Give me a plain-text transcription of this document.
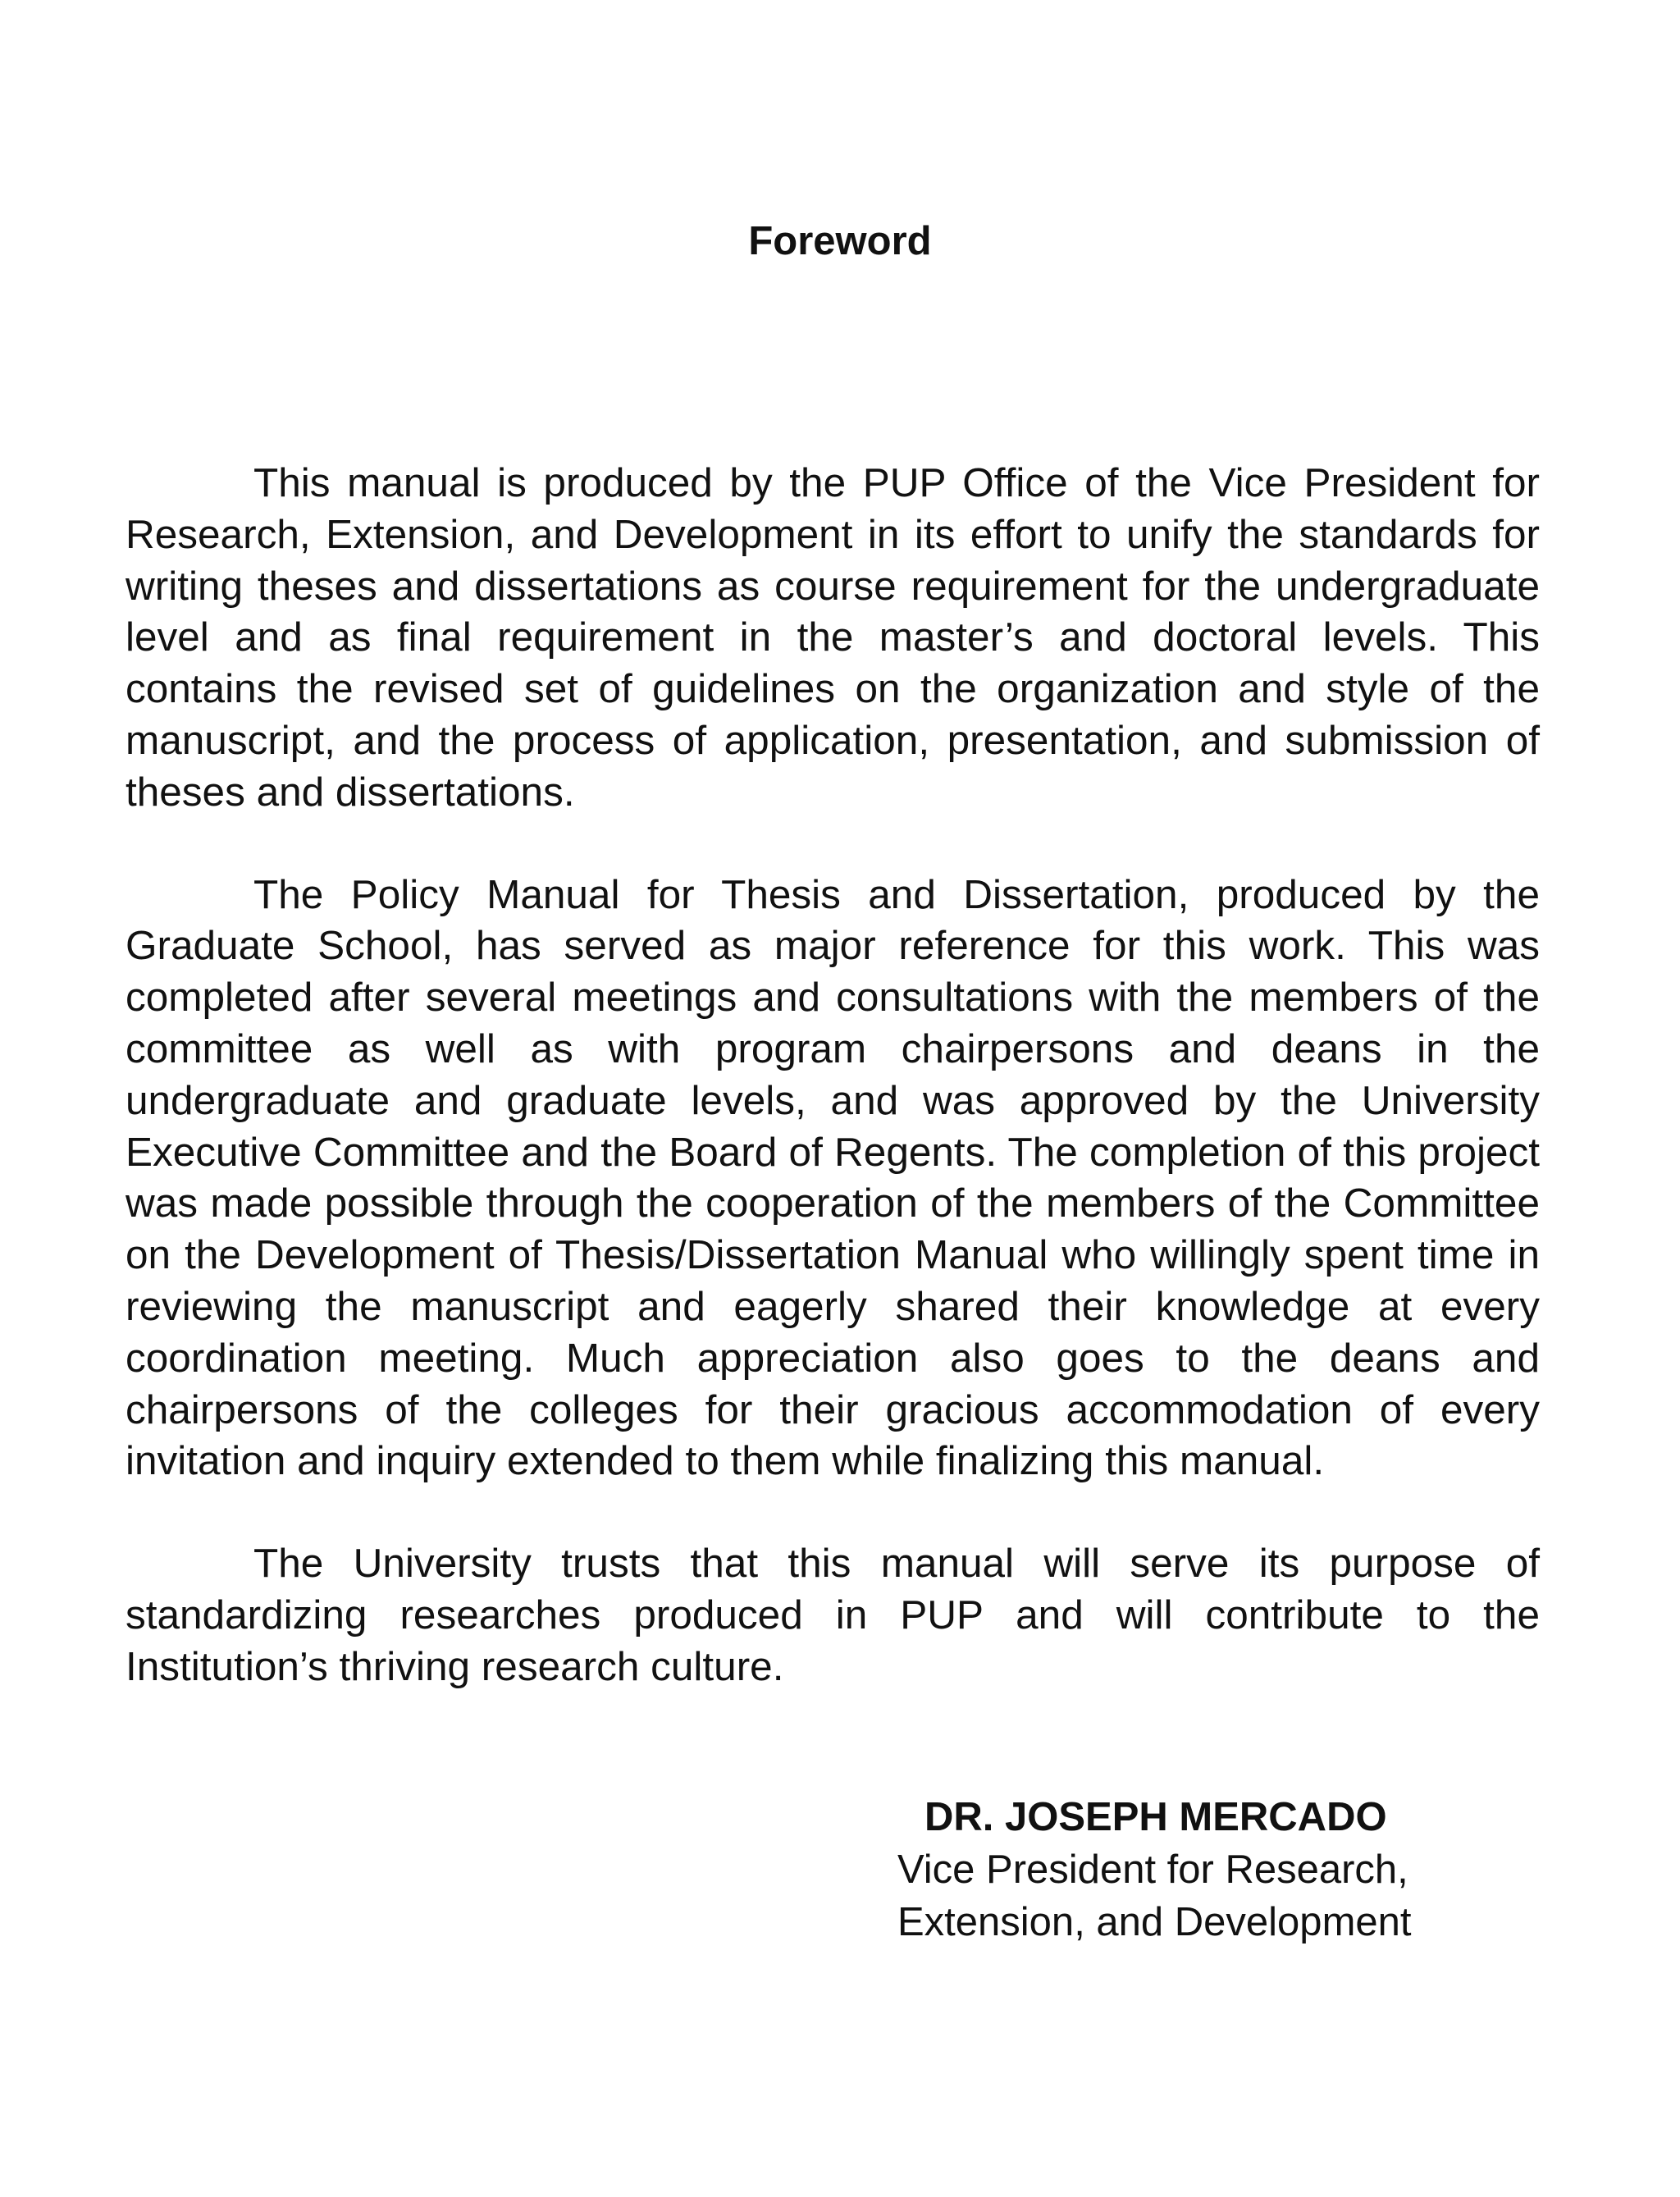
Foreword

This manual is produced by the PUP Office of the Vice President for Research, Extension, and Development in its effort to unify the standards for writing theses and dissertations as course requirement for the undergraduate level and as final requirement in the master’s and doctoral levels. This contains the revised set of guidelines on the organization and style of the manuscript, and the process of application, presentation, and submission of theses and dissertations.

The Policy Manual for Thesis and Dissertation, produced by the Graduate School, has served as major reference for this work. This was completed after several meetings and consultations with the members of the committee as well as with program chairpersons and deans in the undergraduate and graduate levels, and was approved by the University Executive Committee and the Board of Regents. The completion of this project was made possible through the cooperation of the members of the Committee on the Development of Thesis/Dissertation Manual who willingly spent time in reviewing the manuscript and eagerly shared their knowledge at every coordination meeting. Much appreciation also goes to the deans and chairpersons of the colleges for their gracious accommodation of every invitation and inquiry extended to them while finalizing this manual.

The University trusts that this manual will serve its purpose of standardizing researches produced in PUP and will contribute to the Institution’s thriving research culture.

DR. JOSEPH MERCADO

Vice President for Research,

Extension, and Development
